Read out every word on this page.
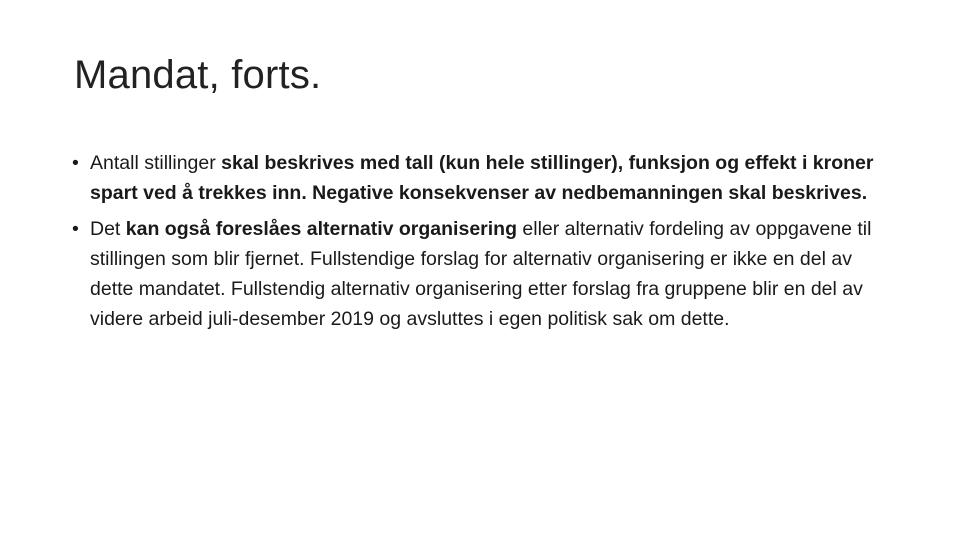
Mandat, forts.
• Antall stillinger skal beskrives med tall (kun hele stillinger), funksjon og effekt i kroner spart ved å trekkes inn. Negative konsekvenser av nedbemanningen skal beskrives.
• Det kan også foreslåes alternativ organisering eller alternativ fordeling av oppgavene til stillingen som blir fjernet. Fullstendige forslag for alternativ organisering er ikke en del av dette mandatet. Fullstendig alternativ organisering etter forslag fra gruppene blir en del av videre arbeid juli-desember 2019 og avsluttes i egen politisk sak om dette.
